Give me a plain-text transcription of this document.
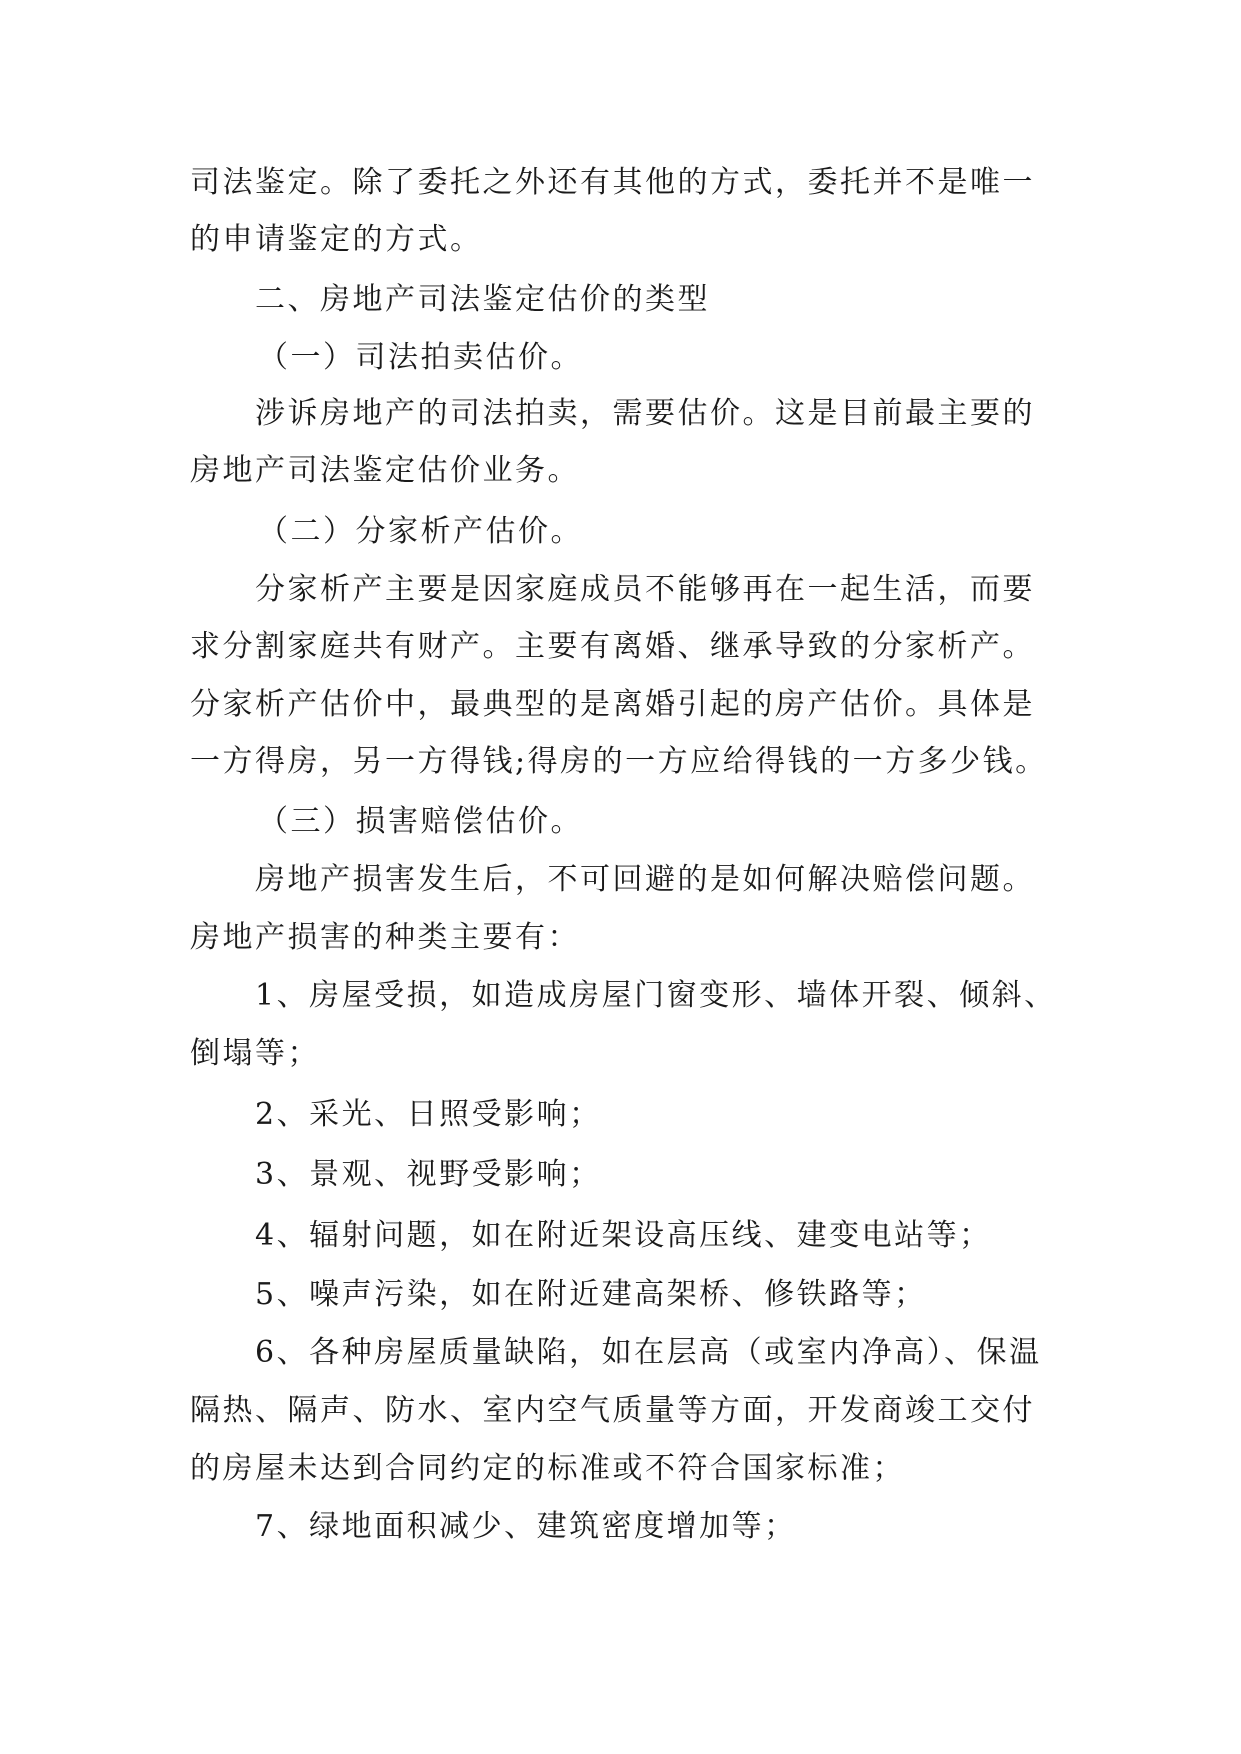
司法鉴定。除了委托之外还有其他的方式，委托并不是唯一
的申请鉴定的方式。
二、房地产司法鉴定估价的类型
（一）司法拍卖估价。
涉诉房地产的司法拍卖，需要估价。这是目前最主要的
房地产司法鉴定估价业务。
（二）分家析产估价。
分家析产主要是因家庭成员不能够再在一起生活，而要
求分割家庭共有财产。主要有离婚、继承导致的分家析产。
分家析产估价中，最典型的是离婚引起的房产估价。具体是
一方得房，另一方得钱;得房的一方应给得钱的一方多少钱。
（三）损害赔偿估价。
房地产损害发生后，不可回避的是如何解决赔偿问题。
房地产损害的种类主要有：
1、房屋受损，如造成房屋门窗变形、墙体开裂、倾斜、
倒塌等；
2、采光、日照受影响；
3、景观、视野受影响；
4、辐射问题，如在附近架设高压线、建变电站等；
5、噪声污染，如在附近建高架桥、修铁路等；
6、各种房屋质量缺陷，如在层高（或室内净高）、保温
隔热、隔声、防水、室内空气质量等方面，开发商竣工交付
的房屋未达到合同约定的标准或不符合国家标准；
7、绿地面积减少、建筑密度增加等；
